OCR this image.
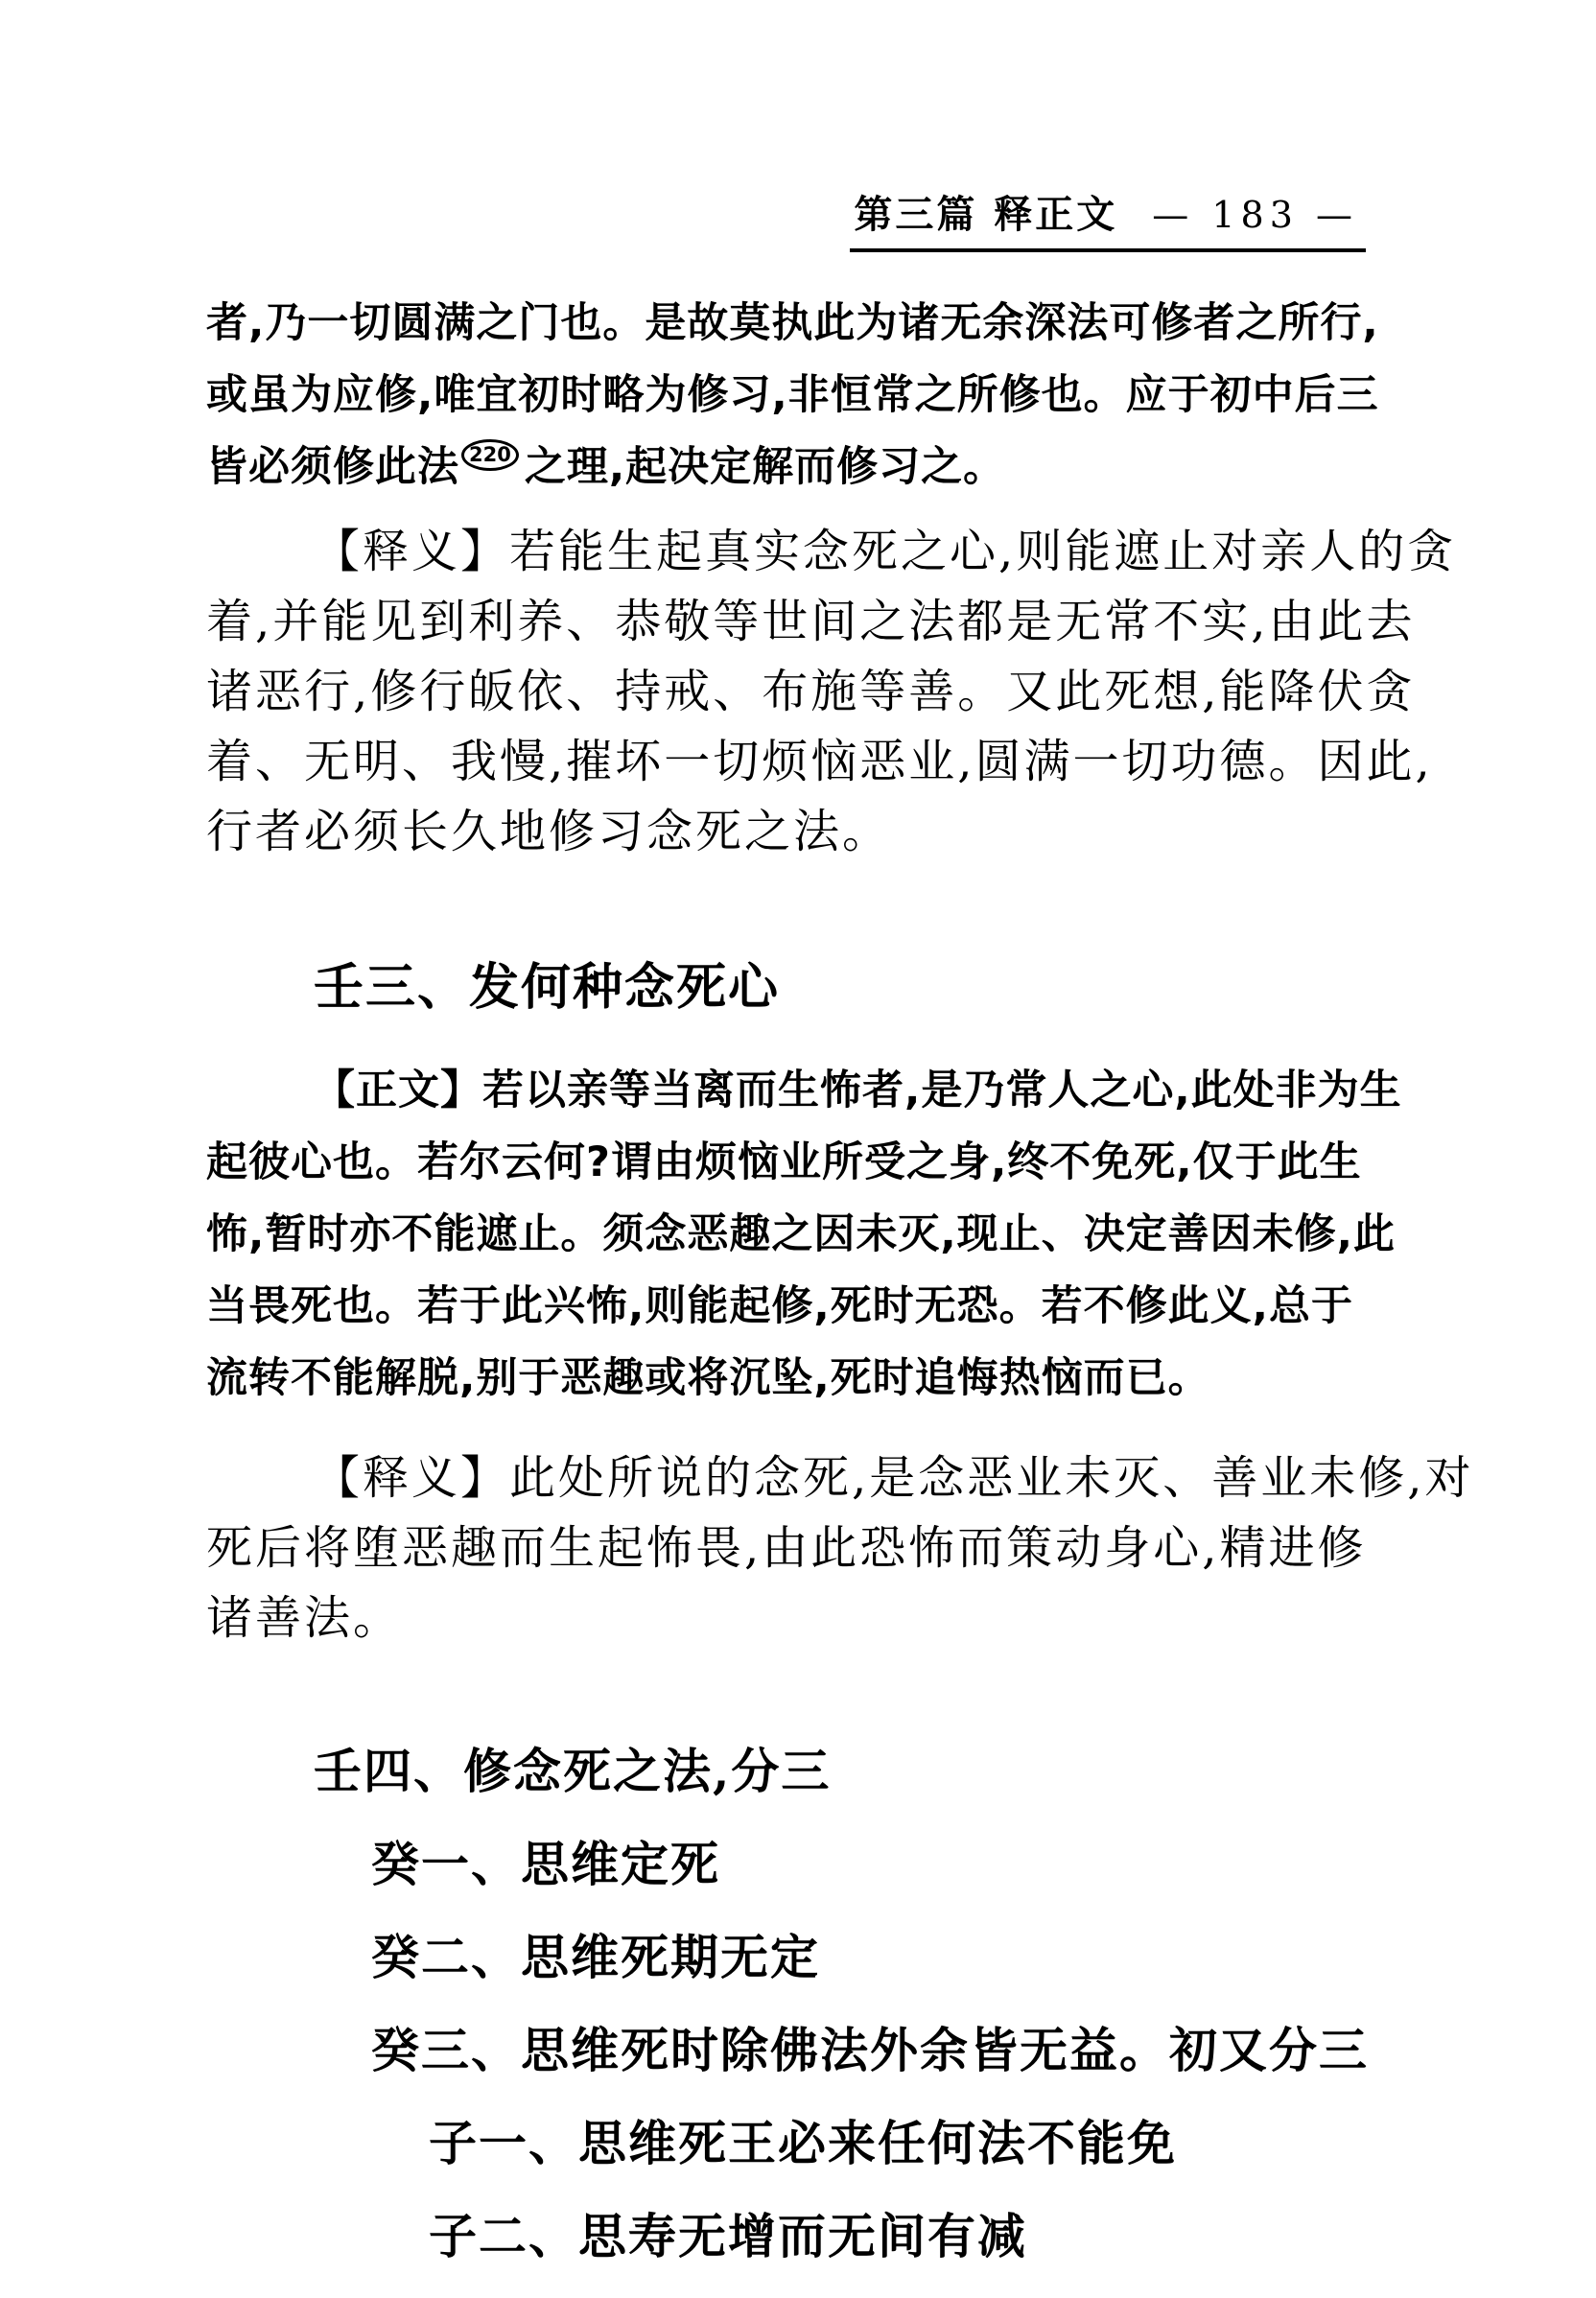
第三篇 释正文 — 183 —
者,乃一切圆满之门也。是故莫执此为诸无余深法可修者之所行,
或虽为应修,唯宜初时略为修习,非恒常之所修也。应于初中后三
皆必须修此法 220 之理,起决定解而修习之。
【释义】若能生起真实念死之心,则能遮止对亲人的贪
着,并能见到利养、恭敬等世间之法都是无常不实,由此去
诸恶行,修行皈依、持戒、布施等善。又此死想,能降伏贪
着、无明、我慢,摧坏一切烦恼恶业,圆满一切功德。因此,
行者必须长久地修习念死之法。
壬三、发何种念死心
【正文】若以亲等当离而生怖者,是乃常人之心,此处非为生
起彼心也。若尔云何?谓由烦恼业所受之身,终不免死,仅于此生
怖,暂时亦不能遮止。须念恶趣之因未灭,现止、决定善因未修,此
当畏死也。若于此兴怖,则能起修,死时无恐。若不修此义,总于
流转不能解脱,别于恶趣或将沉坠,死时追悔热恼而已。
【释义】此处所说的念死,是念恶业未灭、善业未修,对
死后将堕恶趣而生起怖畏,由此恐怖而策动身心,精进修
诸善法。
壬四、修念死之法,分三
癸一、思维定死
癸二、思维死期无定
癸三、思维死时除佛法外余皆无益。初又分三
子一、思维死王必来任何法不能免
子二、思寿无增而无间有减
